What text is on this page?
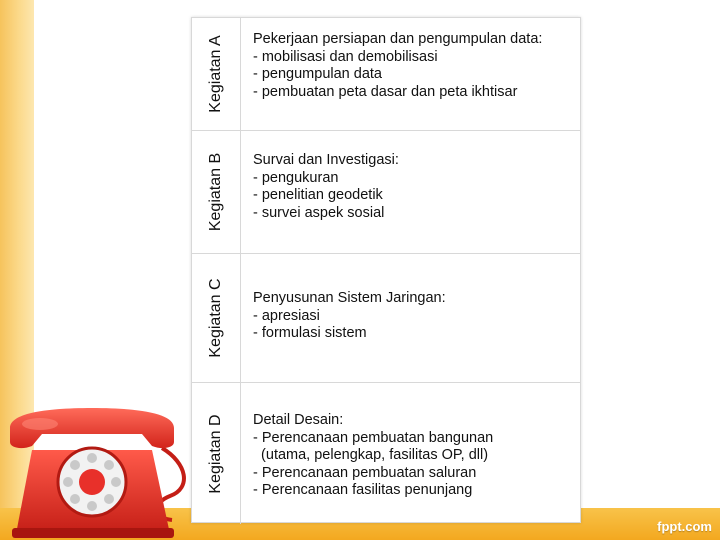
fppt.com
Kegiatan A Pekerjaan persiapan dan pengumpulan data:
- mobilisasi dan demobilisasi
- pengumpulan data
- pembuatan peta dasar dan peta ikhtisar
Kegiatan B Survai dan Investigasi:
- pengukuran
- penelitian geodetik
- survei aspek sosial
Kegiatan C Penyusunan Sistem Jaringan:
- apresiasi
- formulasi sistem
Kegiatan D Detail Desain:
- Perencanaan pembuatan bangunan
(utama, pelengkap, fasilitas OP, dll)
- Perencanaan pembuatan saluran
- Perencanaan fasilitas penunjang
